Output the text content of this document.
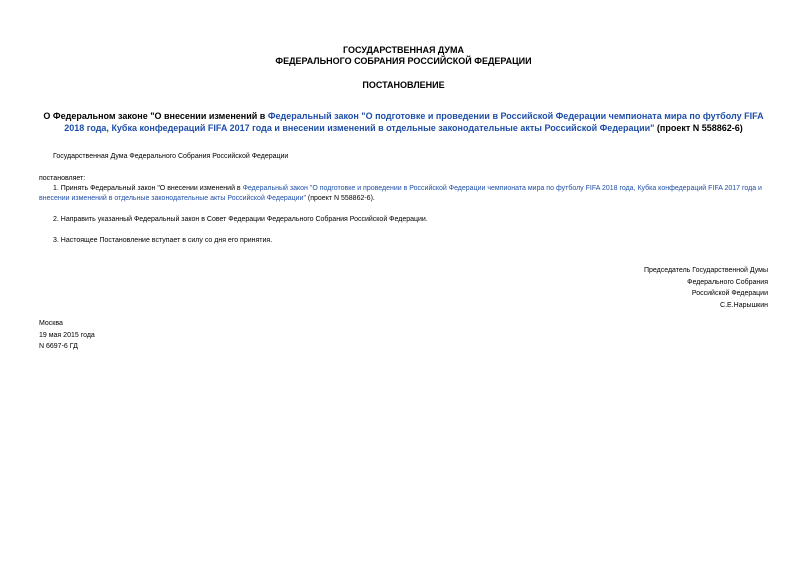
ГОСУДАРСТВЕННАЯ ДУМА
ФЕДЕРАЛЬНОГО СОБРАНИЯ РОССИЙСКОЙ ФЕДЕРАЦИИ
ПОСТАНОВЛЕНИЕ
О Федеральном законе "О внесении изменений в Федеральный закон "О подготовке и проведении в Российской Федерации чемпионата мира по футболу FIFA 2018 года, Кубка конфедераций FIFA 2017 года и внесении изменений в отдельные законодательные акты Российской Федерации" (проект N 558862-6)
Государственная Дума Федерального Собрания Российской Федерации
постановляет:
1. Принять Федеральный закон "О внесении изменений в Федеральный закон "О подготовке и проведении в Российской Федерации чемпионата мира по футболу FIFA 2018 года, Кубка конфедераций FIFA 2017 года и внесении изменений в отдельные законодательные акты Российской Федерации" (проект N 558862-6).
2. Направить указанный Федеральный закон в Совет Федерации Федерального Собрания Российской Федерации.
3. Настоящее Постановление вступает в силу со дня его принятия.
Председатель Государственной Думы
Федерального Собрания
Российской Федерации
С.Е.Нарышкин
Москва
19 мая 2015 года
N 6697-6 ГД
